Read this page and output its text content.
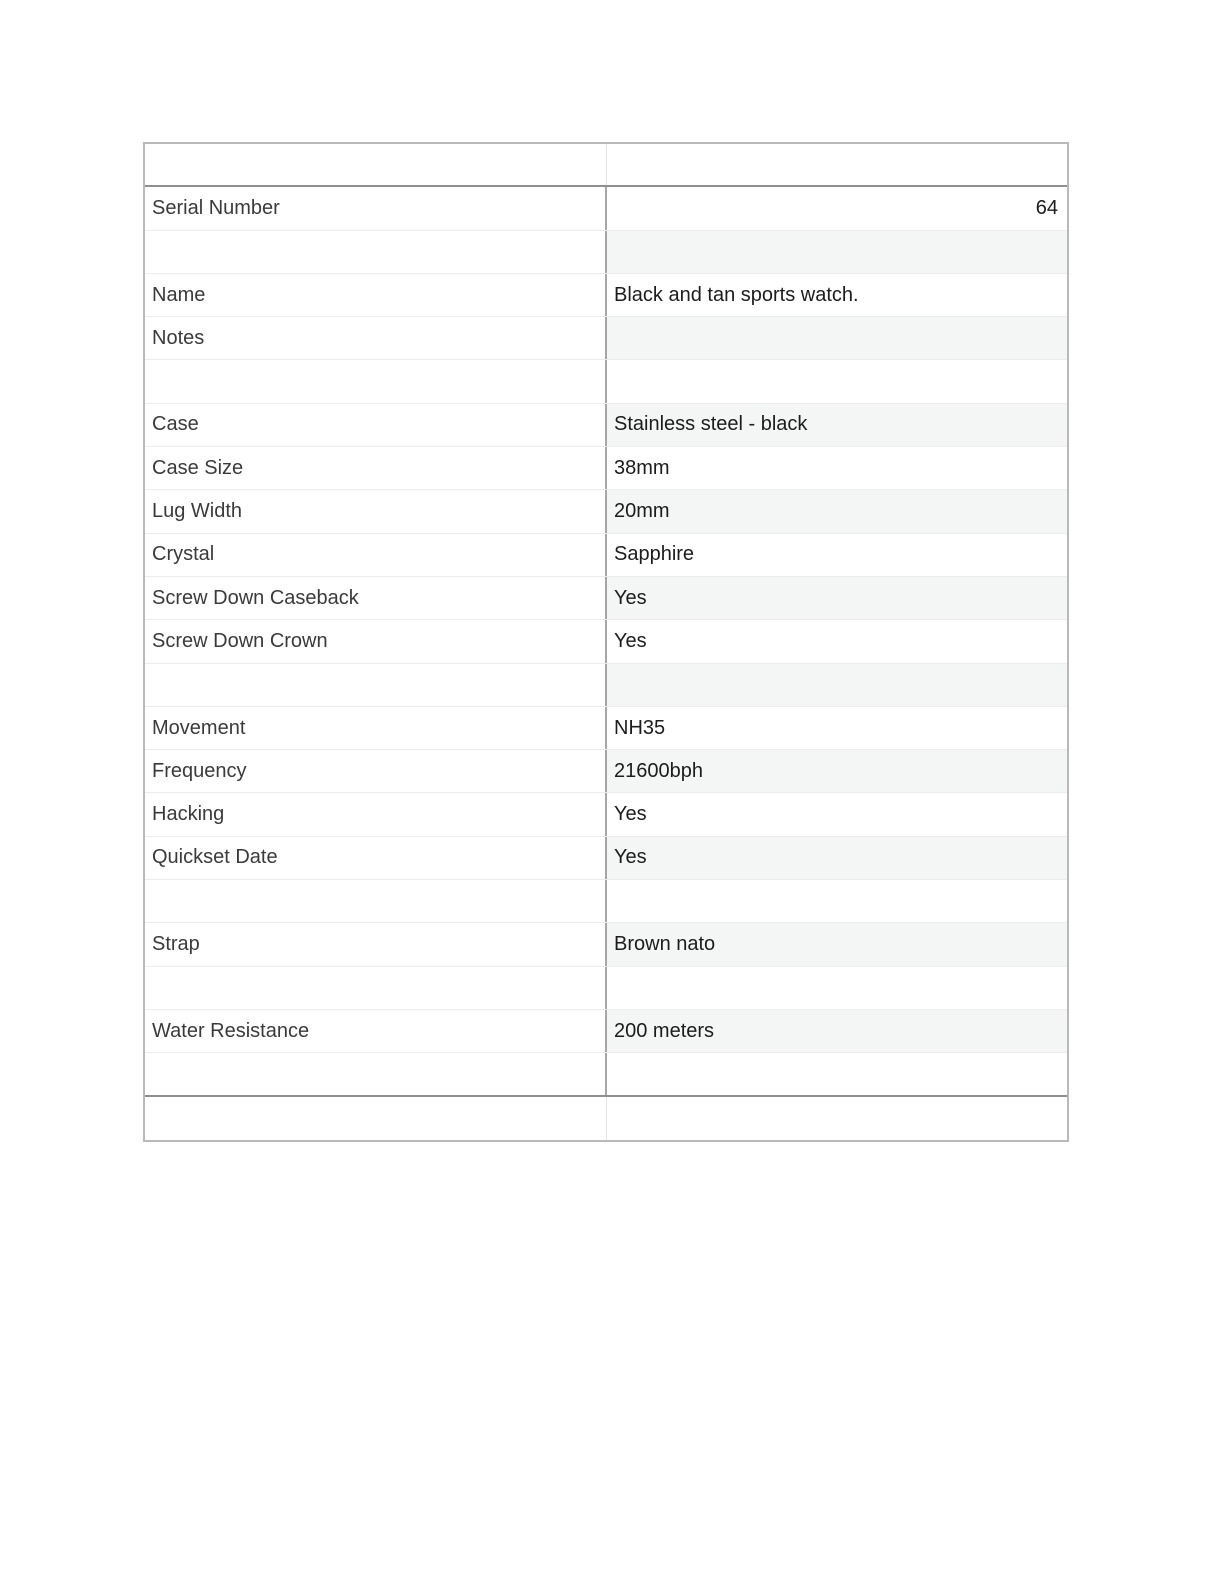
Serial Number	64
Name	Black and tan sports watch.
Notes
Case	Stainless steel - black
Case Size	38mm
Lug Width	20mm
Crystal	Sapphire
Screw Down Caseback	Yes
Screw Down Crown	Yes
Movement	NH35
Frequency	21600bph
Hacking	Yes
Quickset Date	Yes
Strap	Brown nato
Water Resistance	200 meters
